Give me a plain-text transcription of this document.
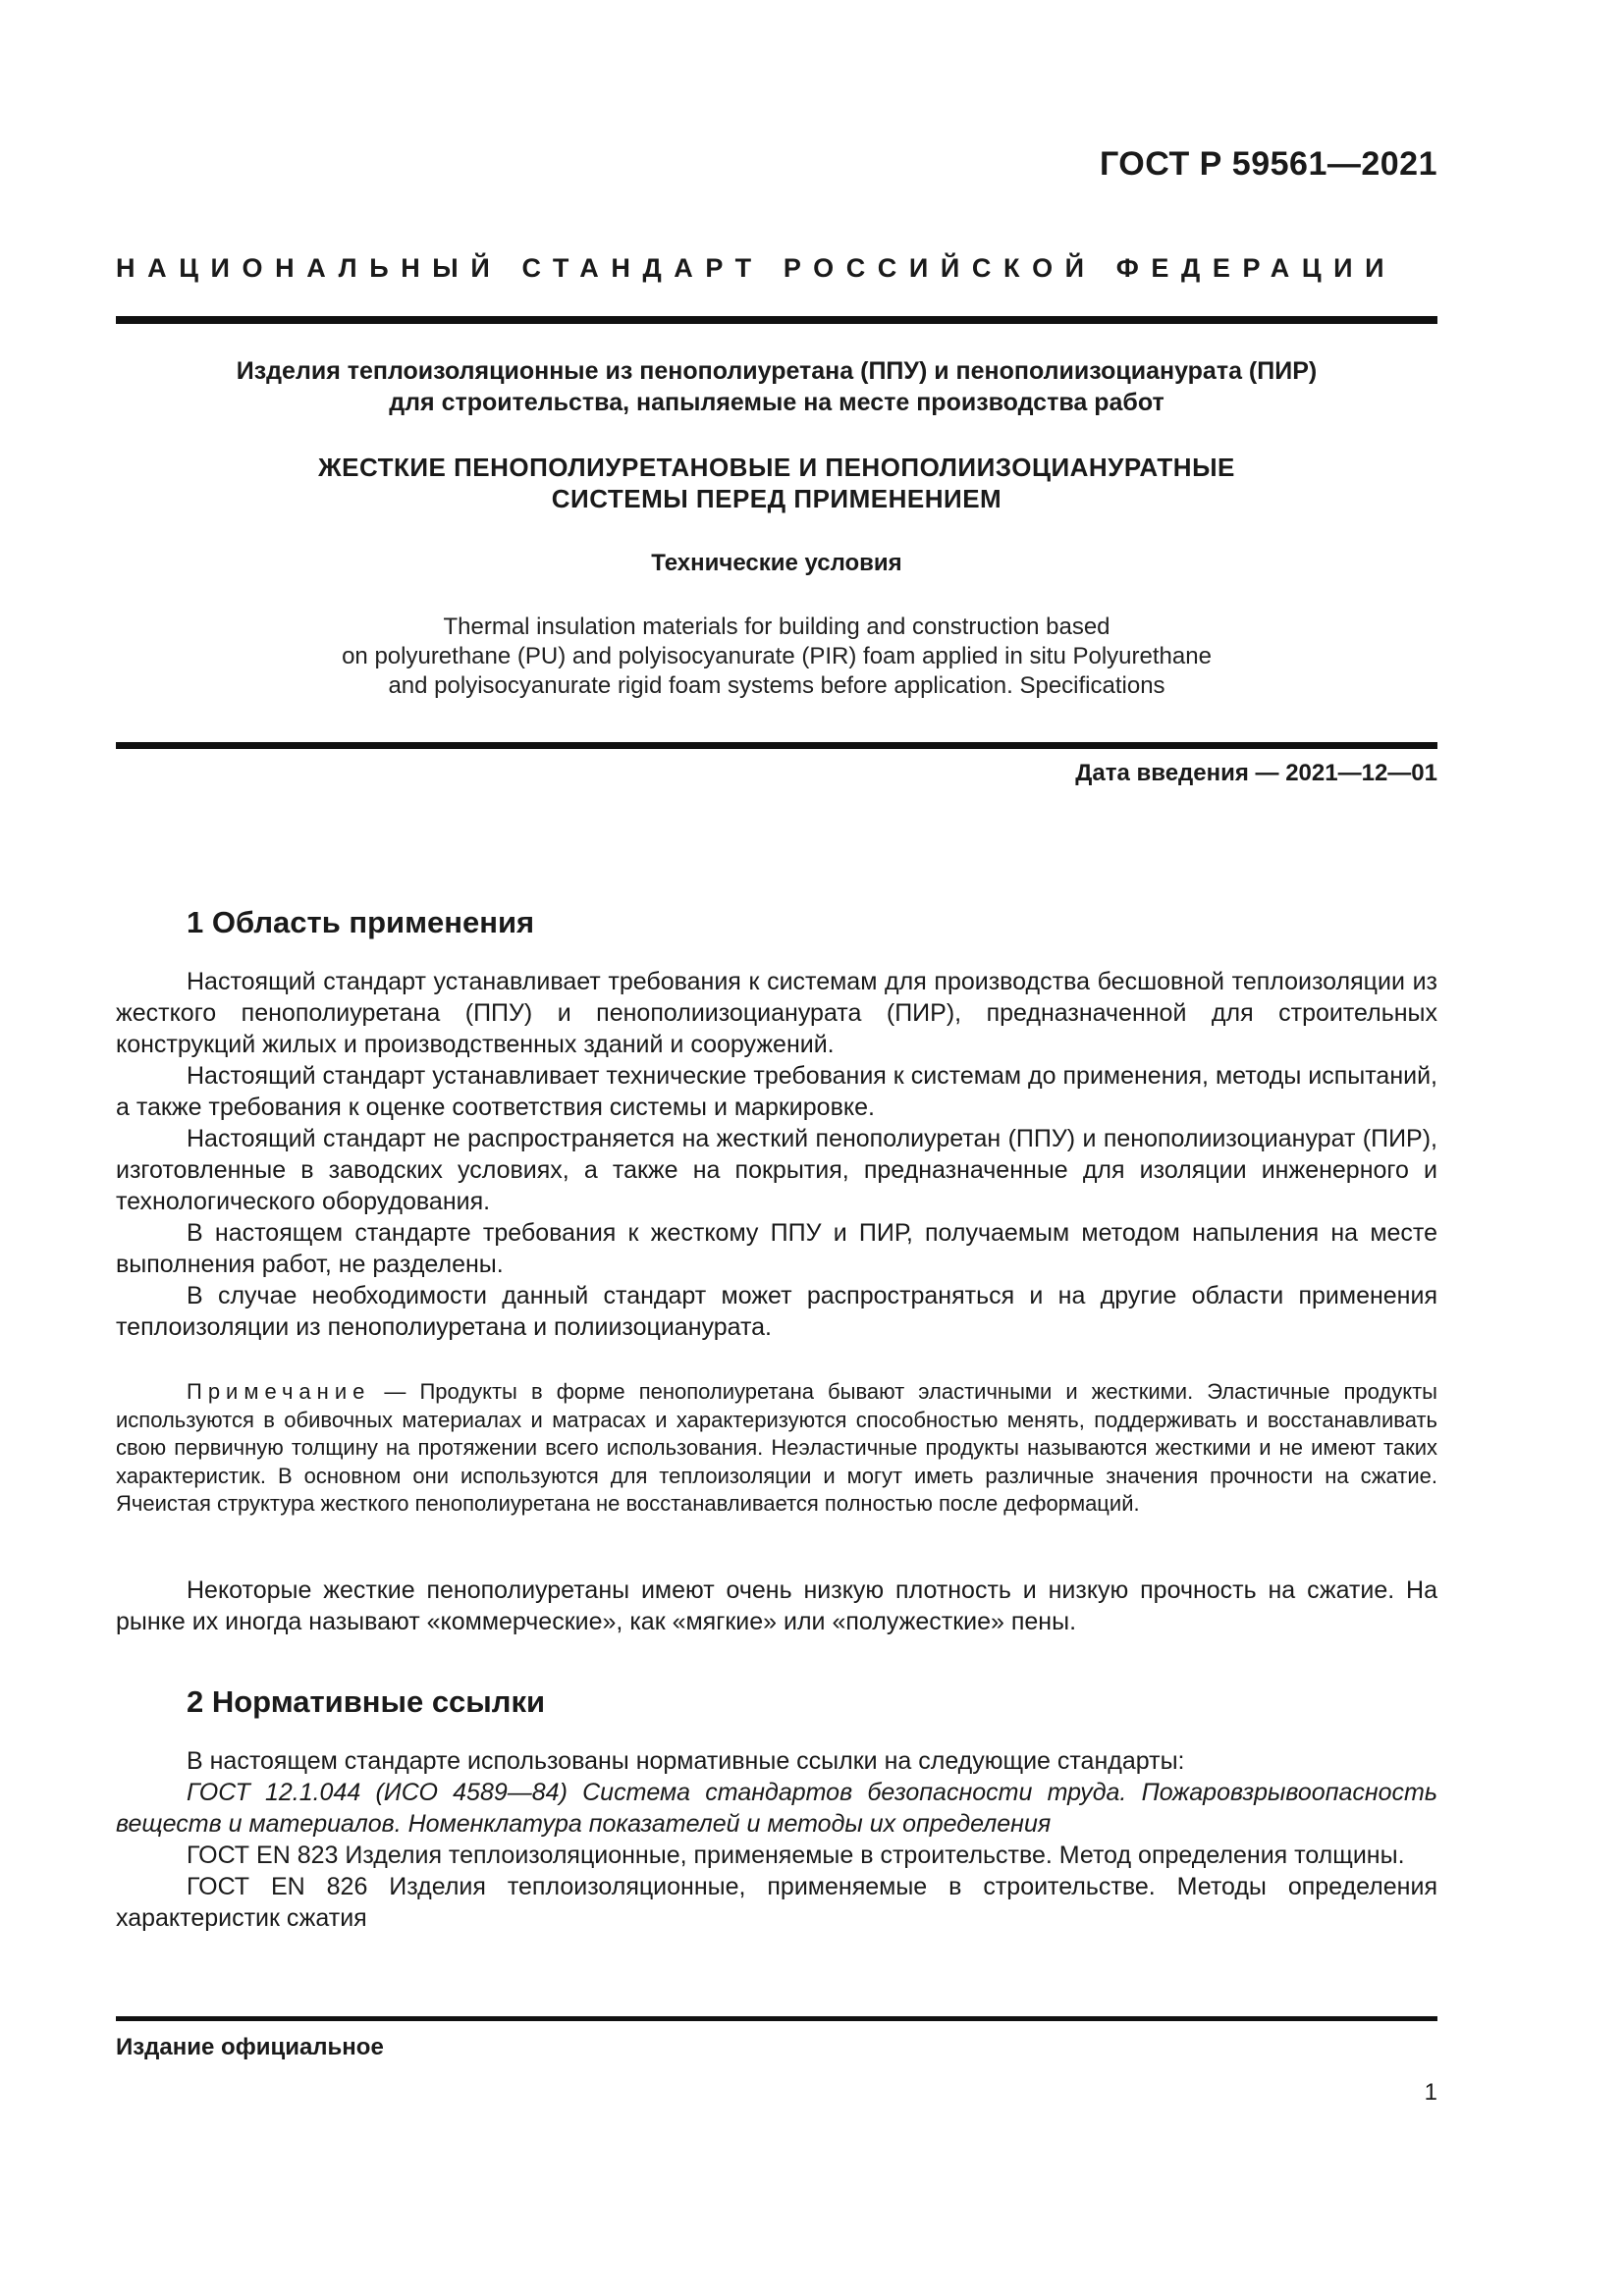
ГОСТ Р 59561—2021
НАЦИОНАЛЬНЫЙ СТАНДАРТ РОССИЙСКОЙ ФЕДЕРАЦИИ
Изделия теплоизоляционные из пенополиуретана (ППУ) и пенополиизоцианурата (ПИР)
для строительства, напыляемые на месте производства работ
ЖЕСТКИЕ ПЕНОПОЛИУРЕТАНОВЫЕ И ПЕНОПОЛИИЗОЦИАНУРАТНЫЕ
СИСТЕМЫ ПЕРЕД ПРИМЕНЕНИЕМ
Технические условия
Thermal insulation materials for building and construction based
on polyurethane (PU) and polyisocyanurate (PIR) foam applied in situ Polyurethane
and polyisocyanurate rigid foam systems before application. Specifications
Дата введения — 2021—12—01
1 Область применения

Настоящий стандарт устанавливает требования к системам для производства бесшовной теплоизоляции из жесткого пенополиуретана (ППУ) и пенополиизоцианурата (ПИР), предназначенной для строительных конструкций жилых и производственных зданий и сооружений.

Настоящий стандарт устанавливает технические требования к системам до применения, методы испытаний, а также требования к оценке соответствия системы и маркировке.

Настоящий стандарт не распространяется на жесткий пенополиуретан (ППУ) и пенополиизоцианурат (ПИР), изготовленные в заводских условиях, а также на покрытия, предназначенные для изоляции инженерного и технологического оборудования.

В настоящем стандарте требования к жесткому ППУ и ПИР, получаемым методом напыления на месте выполнения работ, не разделены.

В случае необходимости данный стандарт может распространяться и на другие области применения теплоизоляции из пенополиуретана и полиизоцианурата.

Примечание — Продукты в форме пенополиуретана бывают эластичными и жесткими. Эластичные продукты используются в обивочных материалах и матрасах и характеризуются способностью менять, поддерживать и восстанавливать свою первичную толщину на протяжении всего использования. Неэластичные продукты называются жесткими и не имеют таких характеристик. В основном они используются для теплоизоляции и могут иметь различные значения прочности на сжатие. Ячеистая структура жесткого пенополиуретана не восстанавливается полностью после деформаций.

Некоторые жесткие пенополиуретаны имеют очень низкую плотность и низкую прочность на сжатие. На рынке их иногда называют «коммерческие», как «мягкие» или «полужесткие» пены.

2 Нормативные ссылки

В настоящем стандарте использованы нормативные ссылки на следующие стандарты:

ГОСТ 12.1.044 (ИСО 4589—84) Система стандартов безопасности труда. Пожаровзрывоопасность веществ и материалов. Номенклатура показателей и методы их определения

ГОСТ EN 823 Изделия теплоизоляционные, применяемые в строительстве. Метод определения толщины.

ГОСТ EN 826 Изделия теплоизоляционные, применяемые в строительстве. Методы определения характеристик сжатия

Издание официальное
1
